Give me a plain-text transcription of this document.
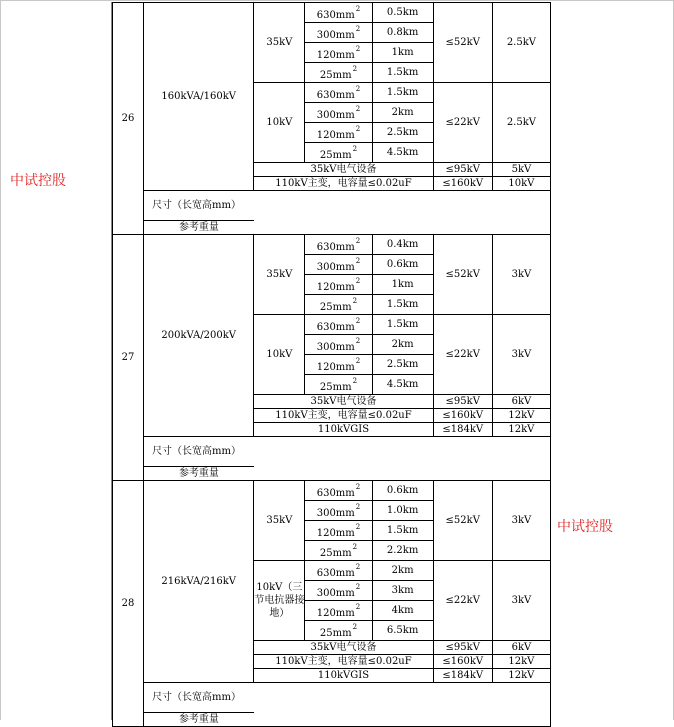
26	160kVA/160kV	35kV	$630mm^2$	0.5km	≤52kV	2.5kV
			$300mm^2$	0.8km		
			$120mm^2$	1km		
			$25mm^2$	1.5km		
		10kV	$630mm^2$	1.5km	≤22kV	2.5kV
			$300mm^2$	2km		
			$120mm^2$	2.5km		
			$25mm^2$	4.5km		
		35kV电气设备			≤95kV	5kV
		110kV主变，电容量≤0.02uF			≤160kV	10kV
	尺寸（长宽高mm）					
	参考重量					
27	200kVA/200kV	35kV	$630mm^2$	0.4km	≤52kV	3kV
			$300mm^2$	0.6km		
			$120mm^2$	1km		
			$25mm^2$	1.5km		
		10kV	$630mm^2$	1.5km	≤22kV	3kV
			$300mm^2$	2km		
			$120mm^2$	2.5km		
			$25mm^2$	4.5km		
		35kV电气设备			≤95kV	6kV
		110kV主变，电容量≤0.02uF			≤160kV	12kV
		110kVGIS			≤184kV	12kV
	尺寸（长宽高mm）					
	参考重量					
28	216kVA/216kV	35kV	$630mm^2$	0.6km	≤52kV	3kV
			$300mm^2$	1.0km		
			$120mm^2$	1.5km		
			$25mm^2$	2.2km		
		10kV（三节电抗器接地）	$630mm^2$	2km	≤22kV	3kV
			$300mm^2$	3km		
			$120mm^2$	4km		
			$25mm^2$	6.5km		
		35kV电气设备			≤95kV	6kV
		110kV主变，电容量≤0.02uF			≤160kV	12kV
		110kVGIS			≤184kV	12kV
	尺寸（长宽高mm）					
	参考重量					
中试控股
中试控股
